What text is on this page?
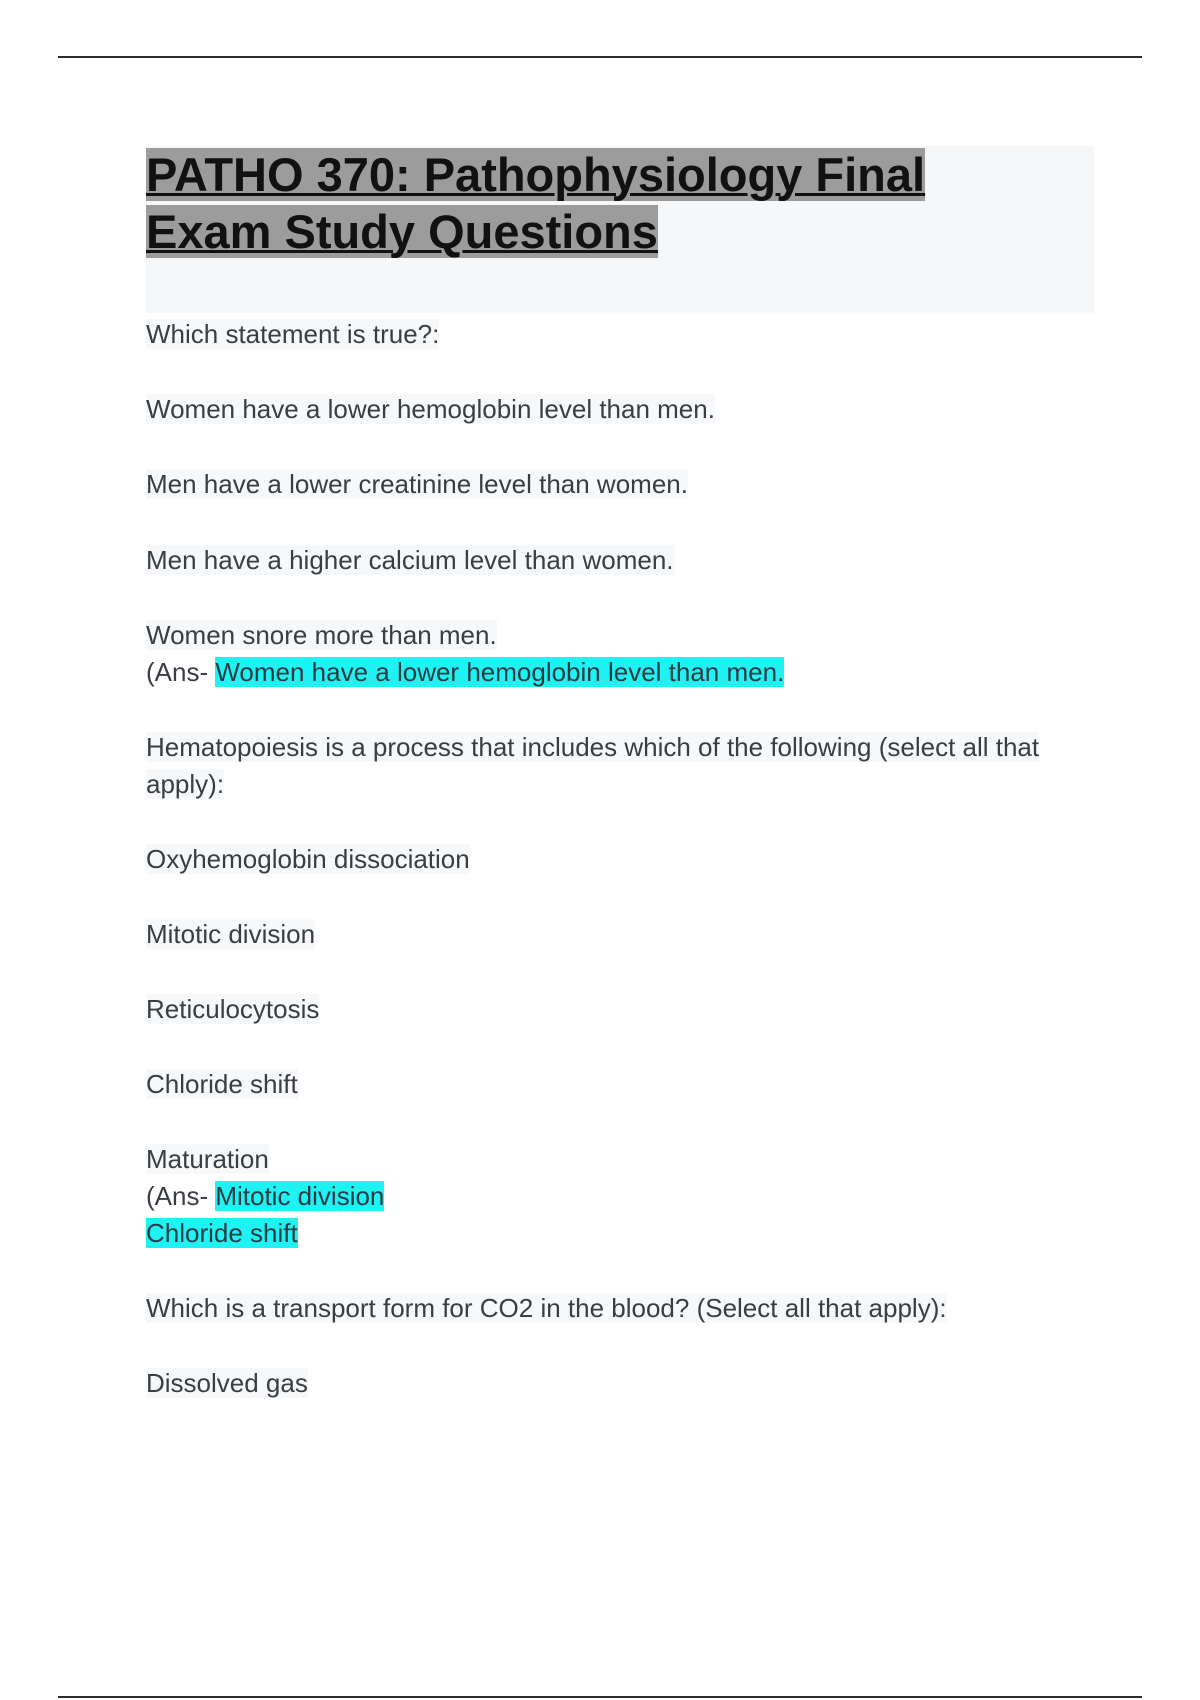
PATHO 370: Pathophysiology Final Exam Study Questions

Which statement is true?:

Women have a lower hemoglobin level than men.

Men have a lower creatinine level than women.

Men have a higher calcium level than women.

Women snore more than men.

(Ans- Women have a lower hemoglobin level than men.

Hematopoiesis is a process that includes which of the following (select all that apply):

Oxyhemoglobin dissociation

Mitotic division

Reticulocytosis

Chloride shift

Maturation

(Ans- Mitotic division

Chloride shift

Which is a transport form for CO2 in the blood? (Select all that apply):

Dissolved gas
